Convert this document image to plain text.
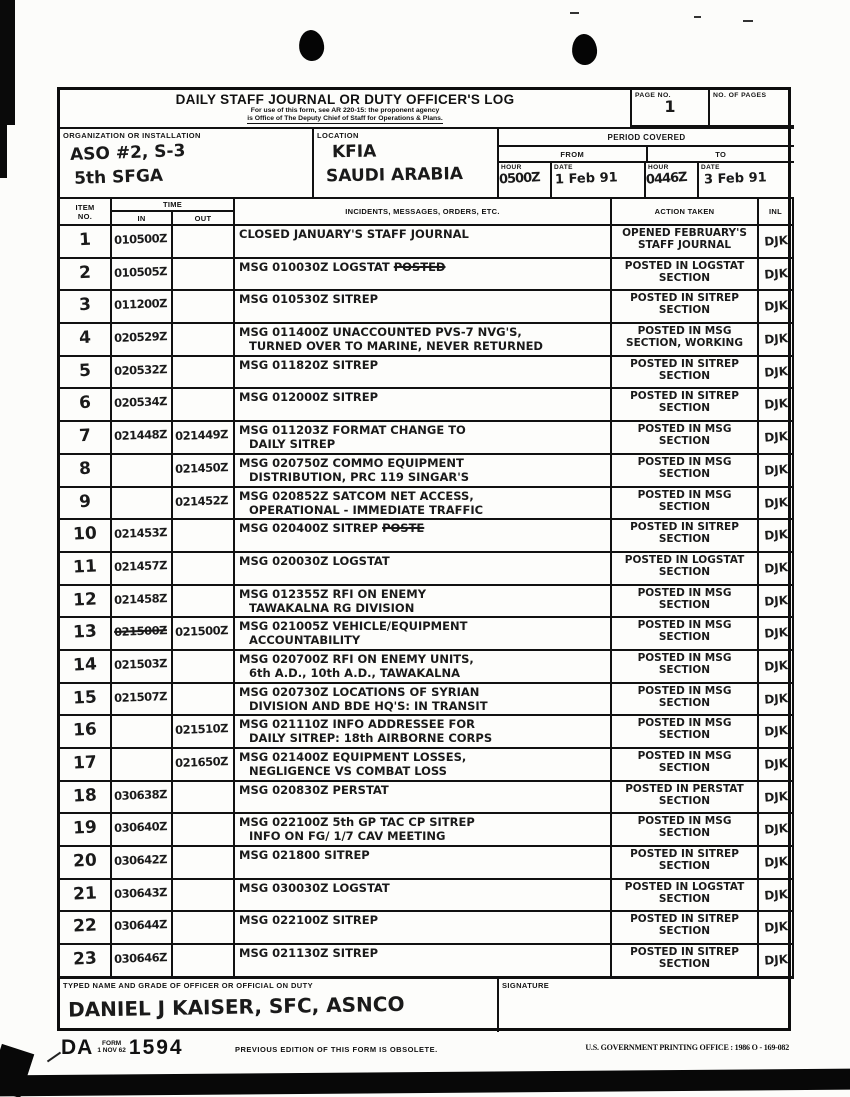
DAILY STAFF JOURNAL OR DUTY OFFICER'S LOG
For use of this form, see AR 220-15: the proponent agency
is Office of The Deputy Chief of Staff for Operations & Plans.
PAGE NO.
1
NO. OF PAGES
ORGANIZATION OR INSTALLATION
ASO #2, S-3
5th SFGA
LOCATION
KFIA
SAUDI ARABIA
PERIOD COVERED
FROM	TO
HOUR
0500Z
DATE
1 Feb 91
HOUR
0446Z
DATE
3 Feb 91
ITEM
NO.	TIME		INCIDENTS, MESSAGES, ORDERS, ETC.	ACTION TAKEN	INL
	IN	OUT			
1	010500Z		CLOSED JANUARY'S STAFF JOURNAL	OPENED FEBRUARY'S
STAFF JOURNAL	DJK
2	010505Z		MSG 010030Z LOGSTAT POSTED	POSTED IN LOGSTAT
SECTION	DJK
3	011200Z		MSG 010530Z SITREP	POSTED IN SITREP
SECTION	DJK
4	020529Z		MSG 011400Z UNACCOUNTED PVS-7 NVG'S,
TURNED OVER TO MARINE, NEVER RETURNED	POSTED IN MSG
SECTION, WORKING	DJK
5	020532Z		MSG 011820Z SITREP	POSTED IN SITREP
SECTION	DJK
6	020534Z		MSG 012000Z SITREP	POSTED IN SITREP
SECTION	DJK
7	021448Z	021449Z	MSG 011203Z FORMAT CHANGE TO
DAILY SITREP	POSTED IN MSG
SECTION	DJK
8		021450Z	MSG 020750Z COMMO EQUIPMENT
DISTRIBUTION, PRC 119 SINGAR'S	POSTED IN MSG
SECTION	DJK
9		021452Z	MSG 020852Z SATCOM NET ACCESS,
OPERATIONAL - IMMEDIATE TRAFFIC	POSTED IN MSG
SECTION	DJK
10	021453Z		MSG 020400Z SITREP POSTE	POSTED IN SITREP
SECTION	DJK
11	021457Z		MSG 020030Z LOGSTAT	POSTED IN LOGSTAT
SECTION	DJK
12	021458Z		MSG 012355Z RFI ON ENEMY
TAWAKALNA RG DIVISION	POSTED IN MSG
SECTION	DJK
13	021500Z	021500Z	MSG 021005Z VEHICLE/EQUIPMENT
ACCOUNTABILITY	POSTED IN MSG
SECTION	DJK
14	021503Z		MSG 020700Z RFI ON ENEMY UNITS,
6th A.D., 10th A.D., TAWAKALNA	POSTED IN MSG
SECTION	DJK
15	021507Z		MSG 020730Z LOCATIONS OF SYRIAN
DIVISION AND BDE HQ'S: IN TRANSIT	POSTED IN MSG
SECTION	DJK
16		021510Z	MSG 021110Z INFO ADDRESSEE FOR
DAILY SITREP: 18th AIRBORNE CORPS	POSTED IN MSG
SECTION	DJK
17		021650Z	MSG 021400Z EQUIPMENT LOSSES,
NEGLIGENCE VS COMBAT LOSS	POSTED IN MSG
SECTION	DJK
18	030638Z		MSG 020830Z PERSTAT	POSTED IN PERSTAT
SECTION	DJK
19	030640Z		MSG 022100Z 5th GP TAC CP SITREP
INFO ON FG/ 1/7 CAV MEETING	POSTED IN MSG
SECTION	DJK
20	030642Z		MSG 021800 SITREP	POSTED IN SITREP
SECTION	DJK
21	030643Z		MSG 030030Z LOGSTAT	POSTED IN LOGSTAT
SECTION	DJK
22	030644Z		MSG 022100Z SITREP	POSTED IN SITREP
SECTION	DJK
23	030646Z		MSG 021130Z SITREP	POSTED IN SITREP
SECTION	DJK
TYPED NAME AND GRADE OF OFFICER OR OFFICIAL ON DUTY
DANIEL J KAISER, SFC, ASNCO
SIGNATURE
DA	FORM
1 NOV 62 1594	PREVIOUS EDITION OF THIS FORM IS OBSOLETE.	U.S. GOVERNMENT PRINTING OFFICE : 1986 O - 169-082
